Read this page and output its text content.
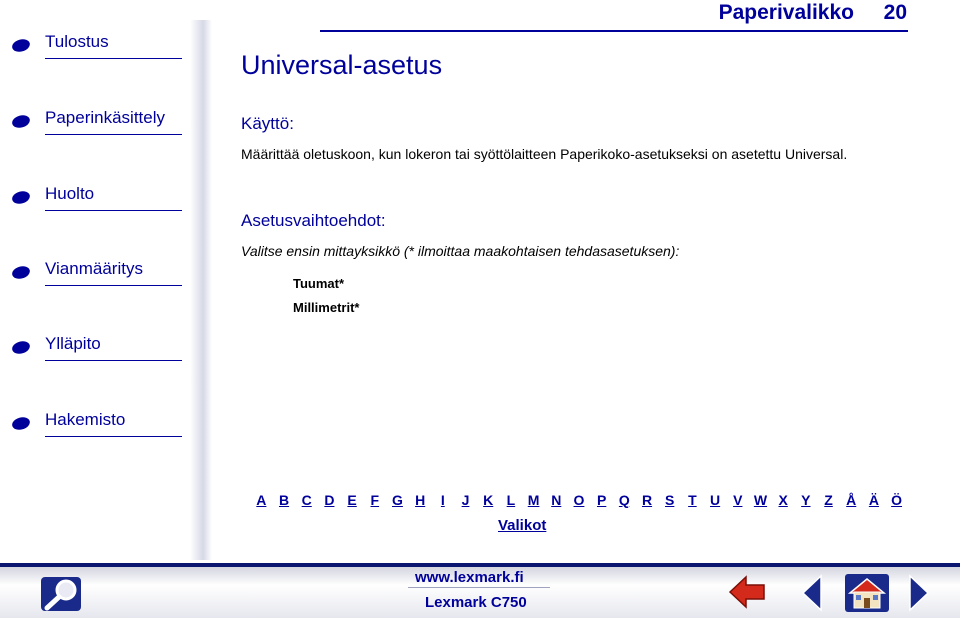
Tulostus
Paperinkäsittely
Huolto
Vianmääritys
Ylläpito
Hakemisto
Paperivalikko 20
Universal-asetus
Käyttö:
Määrittää oletuskoon, kun lokeron tai syöttölaitteen Paperikoko-asetukseksi on asetettu Universal.
Asetusvaihtoehdot:
Valitse ensin mittayksikkö (* ilmoittaa maakohtaisen tehdasasetuksen):
Tuumat*
Millimetrit*
A B C D E F G H	I	J K L M N O P Q R S T U V W X Y Z Å Ä Ö
Valikot
www.lexmark.fi
Lexmark C750
